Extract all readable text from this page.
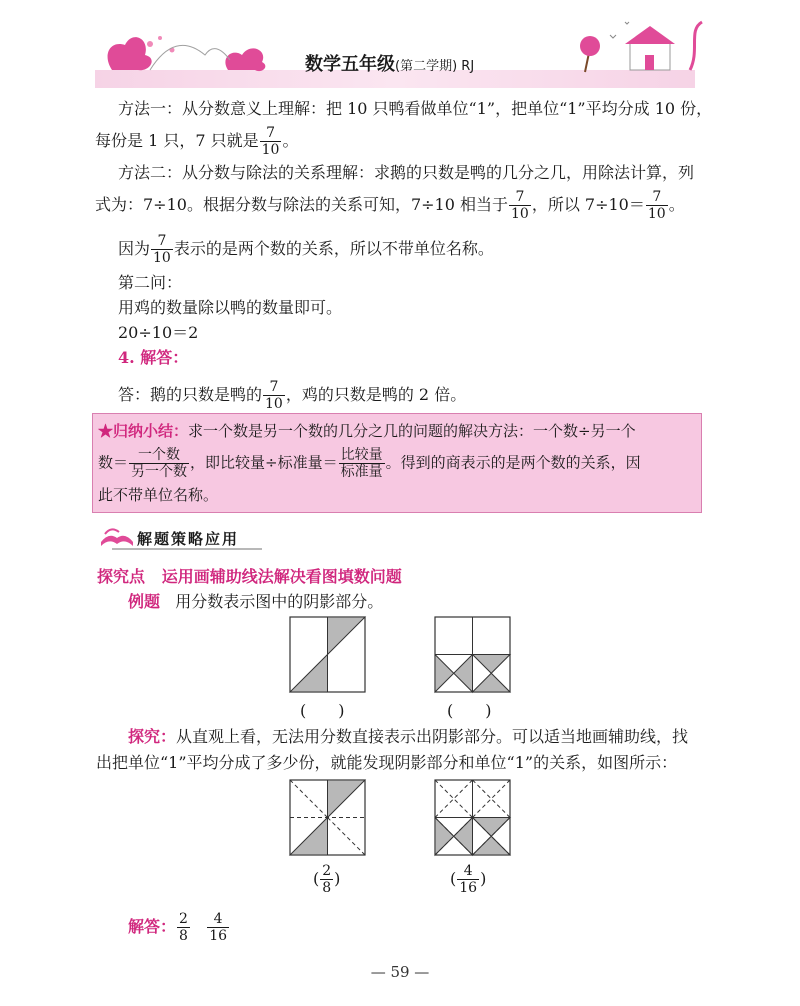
数学五年级(第二学期) RJ
方法一：从分数意义上理解：把 10 只鸭看做单位“1”，把单位“1”平均分成 10 份，
每份是 1 只，7 只就是 $\frac{7}{10}$ 。
方法二：从分数与除法的关系理解：求鹅的只数是鸭的几分之几，用除法计算，列
式为：7÷10。根据分数与除法的关系可知，7÷10 相当于 $\frac{7}{10}$ ，所以 $7\div 10= \frac{7}{10}$ 。
因为 $\frac{7}{10}$ 表示的是两个数的关系，所以不带单位名称。
第二问：
用鸡的数量除以鸭的数量即可。
20÷10＝2
4. 解答：
答：鹅的只数是鸭的 $\frac{7}{10}$ ，鸡的只数是鸭的 2 倍。
★归纳小结：求一个数是另一个数的几分之几的问题的解决方法：一个数÷另一个
数＝ $\frac{\text{一个数}}{\text{另一个数}}$ ，即比较量÷标准量＝ $\frac{\text{比较量}}{\text{标准量}}$ 。得到的商表示的是两个数的关系，因
此不带单位名称。
解题策略应用
探究点 运用画辅助线法解决看图填数问题
例题 用分数表示图中的阴影部分。
(　　)	(　　)
探究：从直观上看，无法用分数直接表示出阴影部分。可以适当地画辅助线，找
出把单位“1”平均分成了多少份，就能发现阴影部分和单位“1”的关系，如图所示：
( $\frac{2}{8}$ )	( $\frac{4}{16}$ )
解答： $\frac{2}{8}$
$\frac{4}{16}$
— 59 —
